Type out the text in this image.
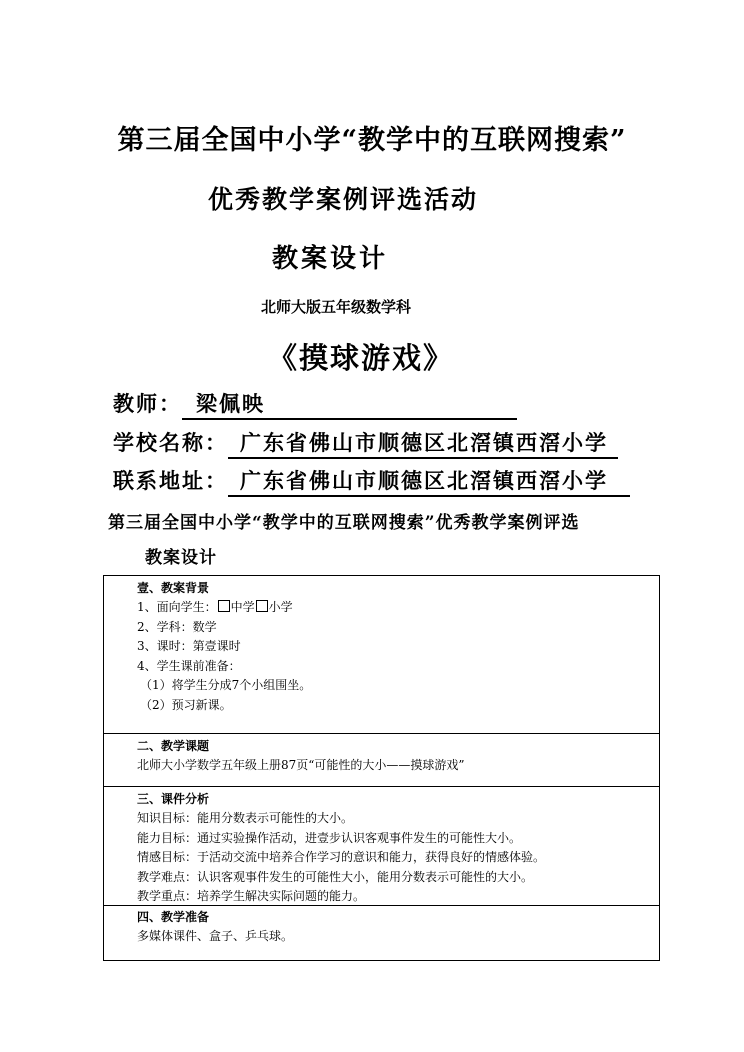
第三届全国中小学“教学中的互联网搜索”
优秀教学案例评选活动
教案设计
北师大版五年级数学科
《摸球游戏》
教师： 梁佩映
学校名称： 广东省佛山市顺德区北滘镇西滘小学
联系地址： 广东省佛山市顺德区北滘镇西滘小学
第三届全国中小学“教学中的互联网搜索”优秀教学案例评选
教案设计
壹、教案背景
1、面向学生： 中学 小学
2、学科：数学
3、课时：第壹课时
4、学生课前准备：
（1）将学生分成7个小组围坐。
（2）预习新课。
二、教学课题
北师大小学数学五年级上册87页“可能性的大小——摸球游戏”
三、课件分析
知识目标：能用分数表示可能性的大小。
能力目标：通过实验操作活动，进壹步认识客观事件发生的可能性大小。
情感目标：于活动交流中培养合作学习的意识和能力，获得良好的情感体验。
教学难点：认识客观事件发生的可能性大小，能用分数表示可能性的大小。
教学重点：培养学生解决实际问题的能力。
四、教学准备
多媒体课件、盒子、乒乓球。
